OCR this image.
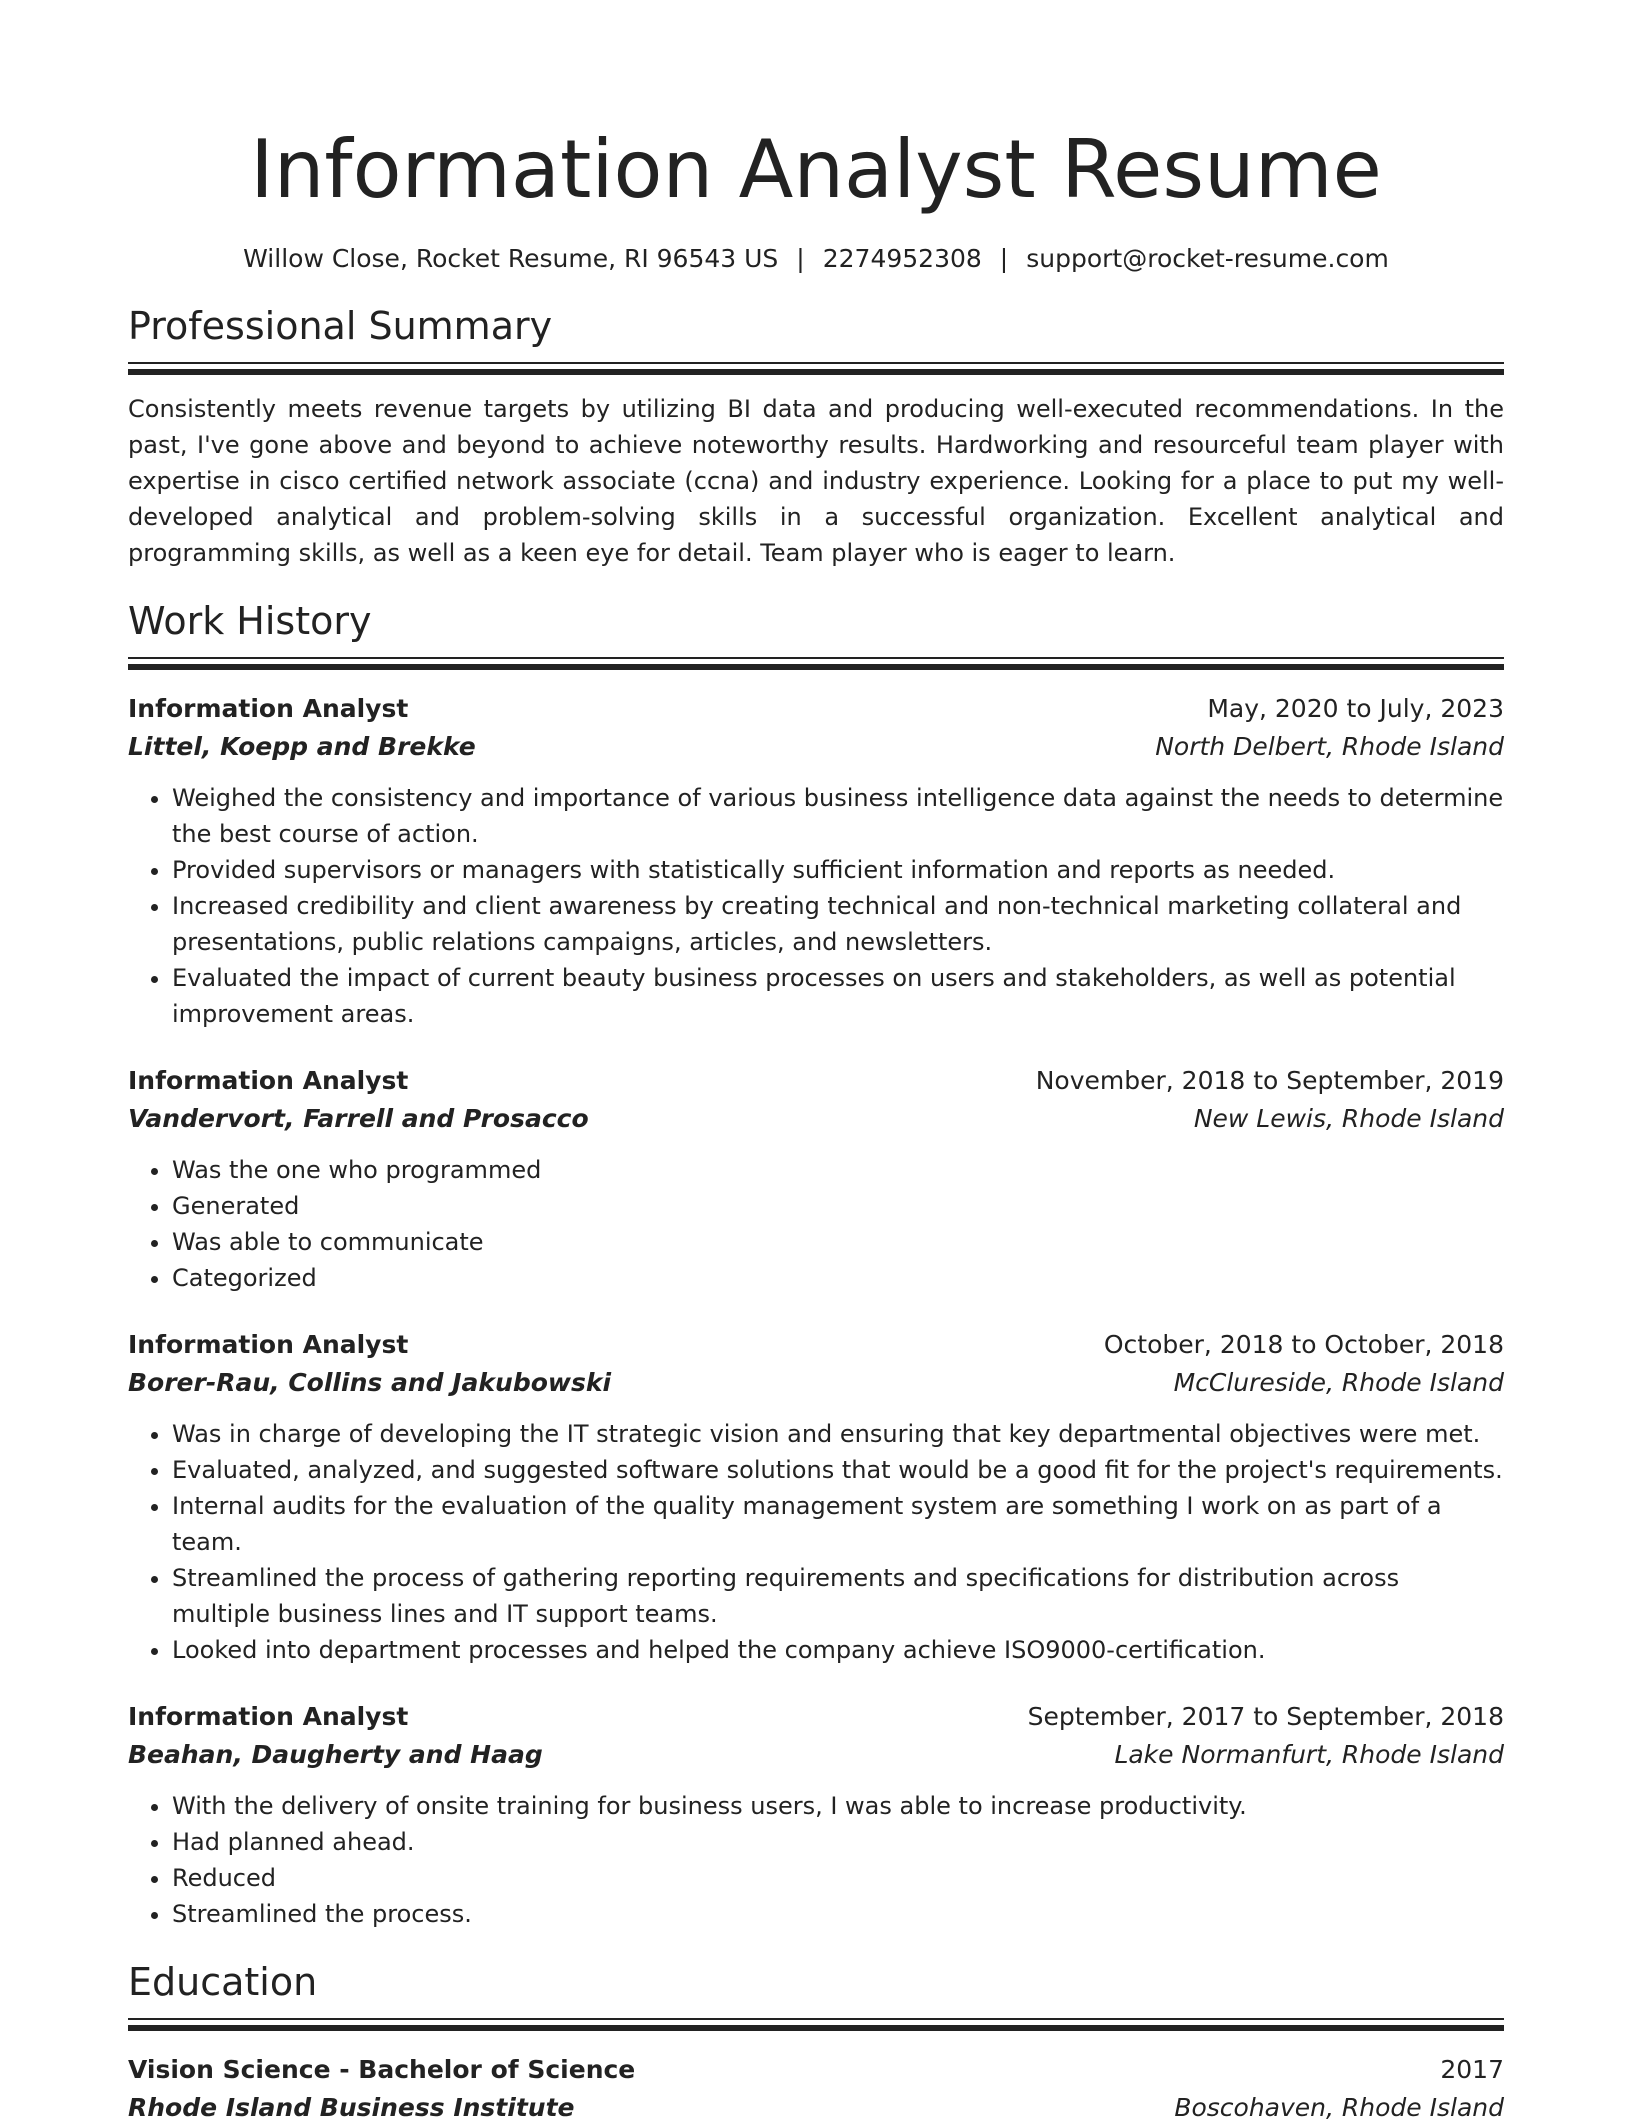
Information Analyst Resume
Willow Close, Rocket Resume, RI 96543 US | 2274952308 | support@rocket-resume.com
Professional Summary
Consistently meets revenue targets by utilizing BI data and producing well-executed recommendations. In the past, I've gone above and beyond to achieve noteworthy results. Hardworking and resourceful team player with expertise in cisco certified network associate (ccna) and industry experience. Looking for a place to put my well-developed analytical and problem-solving skills in a successful organization. Excellent analytical and programming skills, as well as a keen eye for detail. Team player who is eager to learn.
Work History
Information Analyst	May, 2020 to July, 2023
Littel, Koepp and Brekke	North Delbert, Rhode Island
• Weighed the consistency and importance of various business intelligence data against the needs to determine the best course of action.
• Provided supervisors or managers with statistically sufficient information and reports as needed.
• Increased credibility and client awareness by creating technical and non-technical marketing collateral and presentations, public relations campaigns, articles, and newsletters.
• Evaluated the impact of current beauty business processes on users and stakeholders, as well as potential improvement areas.
Information Analyst	November, 2018 to September, 2019
Vandervort, Farrell and Prosacco	New Lewis, Rhode Island
• Was the one who programmed
• Generated
• Was able to communicate
• Categorized
Information Analyst	October, 2018 to October, 2018
Borer-Rau, Collins and Jakubowski	McClureside, Rhode Island
• Was in charge of developing the IT strategic vision and ensuring that key departmental objectives were met.
• Evaluated, analyzed, and suggested software solutions that would be a good fit for the project's requirements.
• Internal audits for the evaluation of the quality management system are something I work on as part of a team.
• Streamlined the process of gathering reporting requirements and specifications for distribution across multiple business lines and IT support teams.
• Looked into department processes and helped the company achieve ISO9000-certification.
Information Analyst	September, 2017 to September, 2018
Beahan, Daugherty and Haag	Lake Normanfurt, Rhode Island
• With the delivery of onsite training for business users, I was able to increase productivity.
• Had planned ahead.
• Reduced
• Streamlined the process.
Education
Vision Science - Bachelor of Science	2017
Rhode Island Business Institute	Boscohaven, Rhode Island
